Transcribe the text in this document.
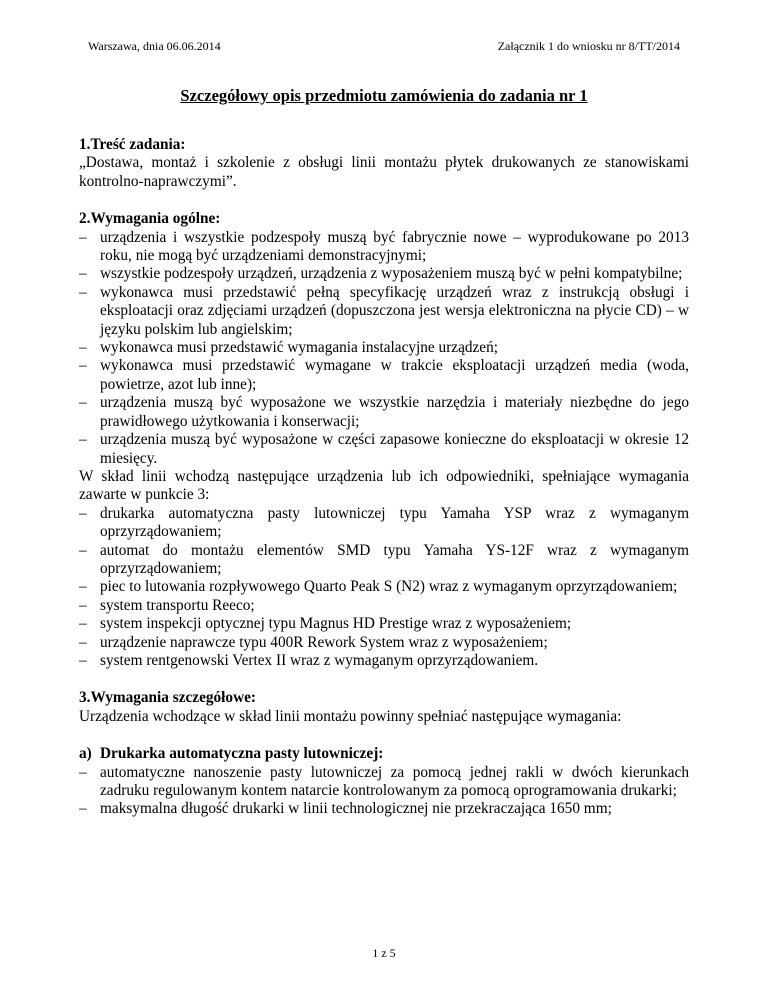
Warszawa, dnia 06.06.2014	Załącznik 1 do wniosku nr 8/TT/2014
Szczegółowy opis przedmiotu zamówienia do zadania nr 1

1.Treść zadania:

„Dostawa, montaż i szkolenie z obsługi linii montażu płytek drukowanych ze stanowiskami kontrolno-naprawczymi”.

2.Wymagania ogólne:

– urządzenia i wszystkie podzespoły muszą być fabrycznie nowe – wyprodukowane po 2013 roku, nie mogą być urządzeniami demonstracyjnymi;
– wszystkie podzespoły urządzeń, urządzenia z wyposażeniem muszą być w pełni kompatybilne;
– wykonawca musi przedstawić pełną specyfikację urządzeń wraz z instrukcją obsługi i eksploatacji oraz zdjęciami urządzeń (dopuszczona jest wersja elektroniczna na płycie CD) – w języku polskim lub angielskim;
– wykonawca musi przedstawić wymagania instalacyjne urządzeń;
– wykonawca musi przedstawić wymagane w trakcie eksploatacji urządzeń media (woda, powietrze, azot lub inne);
– urządzenia muszą być wyposażone we wszystkie narzędzia i materiały niezbędne do jego prawidłowego użytkowania i konserwacji;
– urządzenia muszą być wyposażone w części zapasowe konieczne do eksploatacji w okresie 12 miesięcy.

W skład linii wchodzą następujące urządzenia lub ich odpowiedniki, spełniające wymagania zawarte w punkcie 3:

– drukarka automatyczna pasty lutowniczej typu Yamaha YSP wraz z wymaganym oprzyrządowaniem;
– automat do montażu elementów SMD typu Yamaha YS-12F wraz z wymaganym oprzyrządowaniem;
– piec to lutowania rozpływowego Quarto Peak S (N2) wraz z wymaganym oprzyrządowaniem;
– system transportu Reeco;
– system inspekcji optycznej typu Magnus HD Prestige wraz z wyposażeniem;
– urządzenie naprawcze typu 400R Rework System wraz z wyposażeniem;
– system rentgenowski Vertex II wraz z wymaganym oprzyrządowaniem.

3.Wymagania szczegółowe:

Urządzenia wchodzące w skład linii montażu powinny spełniać następujące wymagania:

a) Drukarka automatyczna pasty lutowniczej:

– automatyczne nanoszenie pasty lutowniczej za pomocą jednej rakli w dwóch kierunkach zadruku regulowanym kontem natarcie kontrolowanym za pomocą oprogramowania drukarki;
– maksymalna długość drukarki w linii technologicznej nie przekraczająca 1650 mm;
1 z 5
